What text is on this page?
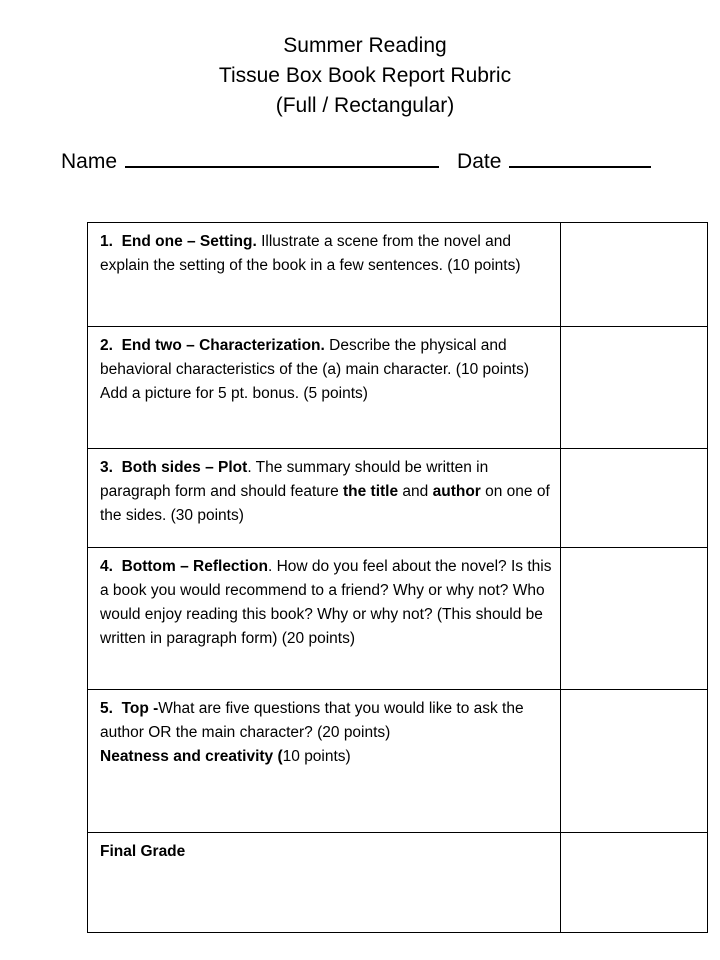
Summer Reading
Tissue Box Book Report Rubric
(Full / Rectangular)
Name	Date
1. End one – Setting. Illustrate a scene from the novel and explain the setting of the book in a few sentences. (10 points)	
2. End two – Characterization. Describe the physical and behavioral characteristics of the (a) main character. (10 points) Add a picture for 5 pt. bonus. (5 points)	
3. Both sides – Plot. The summary should be written in paragraph form and should feature the title and author on one of the sides. (30 points)	
4. Bottom – Reflection. How do you feel about the novel? Is this a book you would recommend to a friend? Why or why not? Who would enjoy reading this book? Why or why not? (This should be written in paragraph form) (20 points)	
5. Top -What are five questions that you would like to ask the author OR the main character? (20 points)
Neatness and creativity (10 points)	
Final Grade	
